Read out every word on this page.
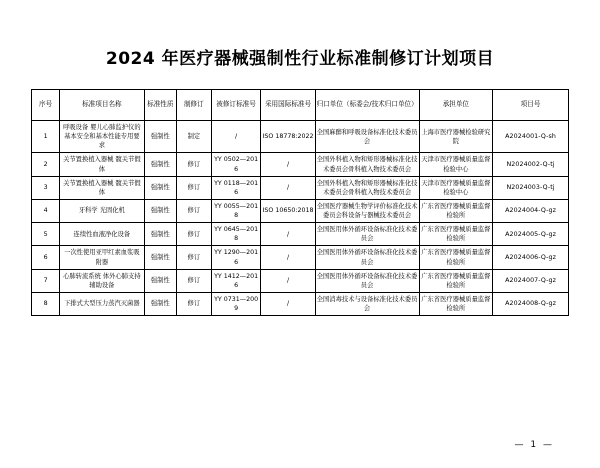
2024 年医疗器械强制性行业标准制修订计划项目
序号	标准项目名称	标准性质	制修订	被修订标准号	采用国际标准号	归口单位（标委会/技术归口单位）	承担单位	项目号
1	呼吸设备 婴儿心肺监护仪的基本安全和基本性能专用要求	强制性	制定	/	ISO 18778:2022	全国麻醉和呼吸设备标准化技术委员会	上海市医疗器械检验研究院	A2024001-Q-sh
2	关节置换植入器械 髋关节假体	强制性	修订	YY 0502—2016	/	全国外科植入物和矫形器械标准化技术委员会骨科植入物技术委员会	天津市医疗器械质量监督检验中心	N2024002-Q-tj
3	关节置换植入器械 髋关节假体	强制性	修订	YY 0118—2016	/	全国外科植入物和矫形器械标准化技术委员会骨科植入物技术委员会	天津市医疗器械质量监督检验中心	N2024003-Q-tj
4	牙科学 光固化机	强制性	修订	YY 0055—2018	ISO 10650:2018	全国医疗器械生物学评价标准化技术委员会科设备与器械技术委员会	广东省医疗器械质量监督检验所	A2024004-Q-gz
5	连续性血液净化设备	强制性	修订	YY 0645—2018	/	全国医用体外循环设备标准化技术委员会	广东省医疗器械质量监督检验所	A2024005-Q-gz
6	一次性使用亚甲红素血浆吸附器	强制性	修订	YY 1290—2016	/	全国医用体外循环设备标准化技术委员会	广东省医疗器械质量监督检验所	A2024006-Q-gz
7	心肺转流系统 体外心肺支持辅助设备	强制性	修订	YY 1412—2016	/	全国医用体外循环设备标准化技术委员会	广东省医疗器械质量监督检验所	A2024007-Q-gz
8	下排式大型压力蒸汽灭菌器	强制性	修订	YY 0731—2009	/	全国消毒技术与设备标准化技术委员会	广东省医疗器械质量监督检验所	A2024008-Q-gz
— 1 —
